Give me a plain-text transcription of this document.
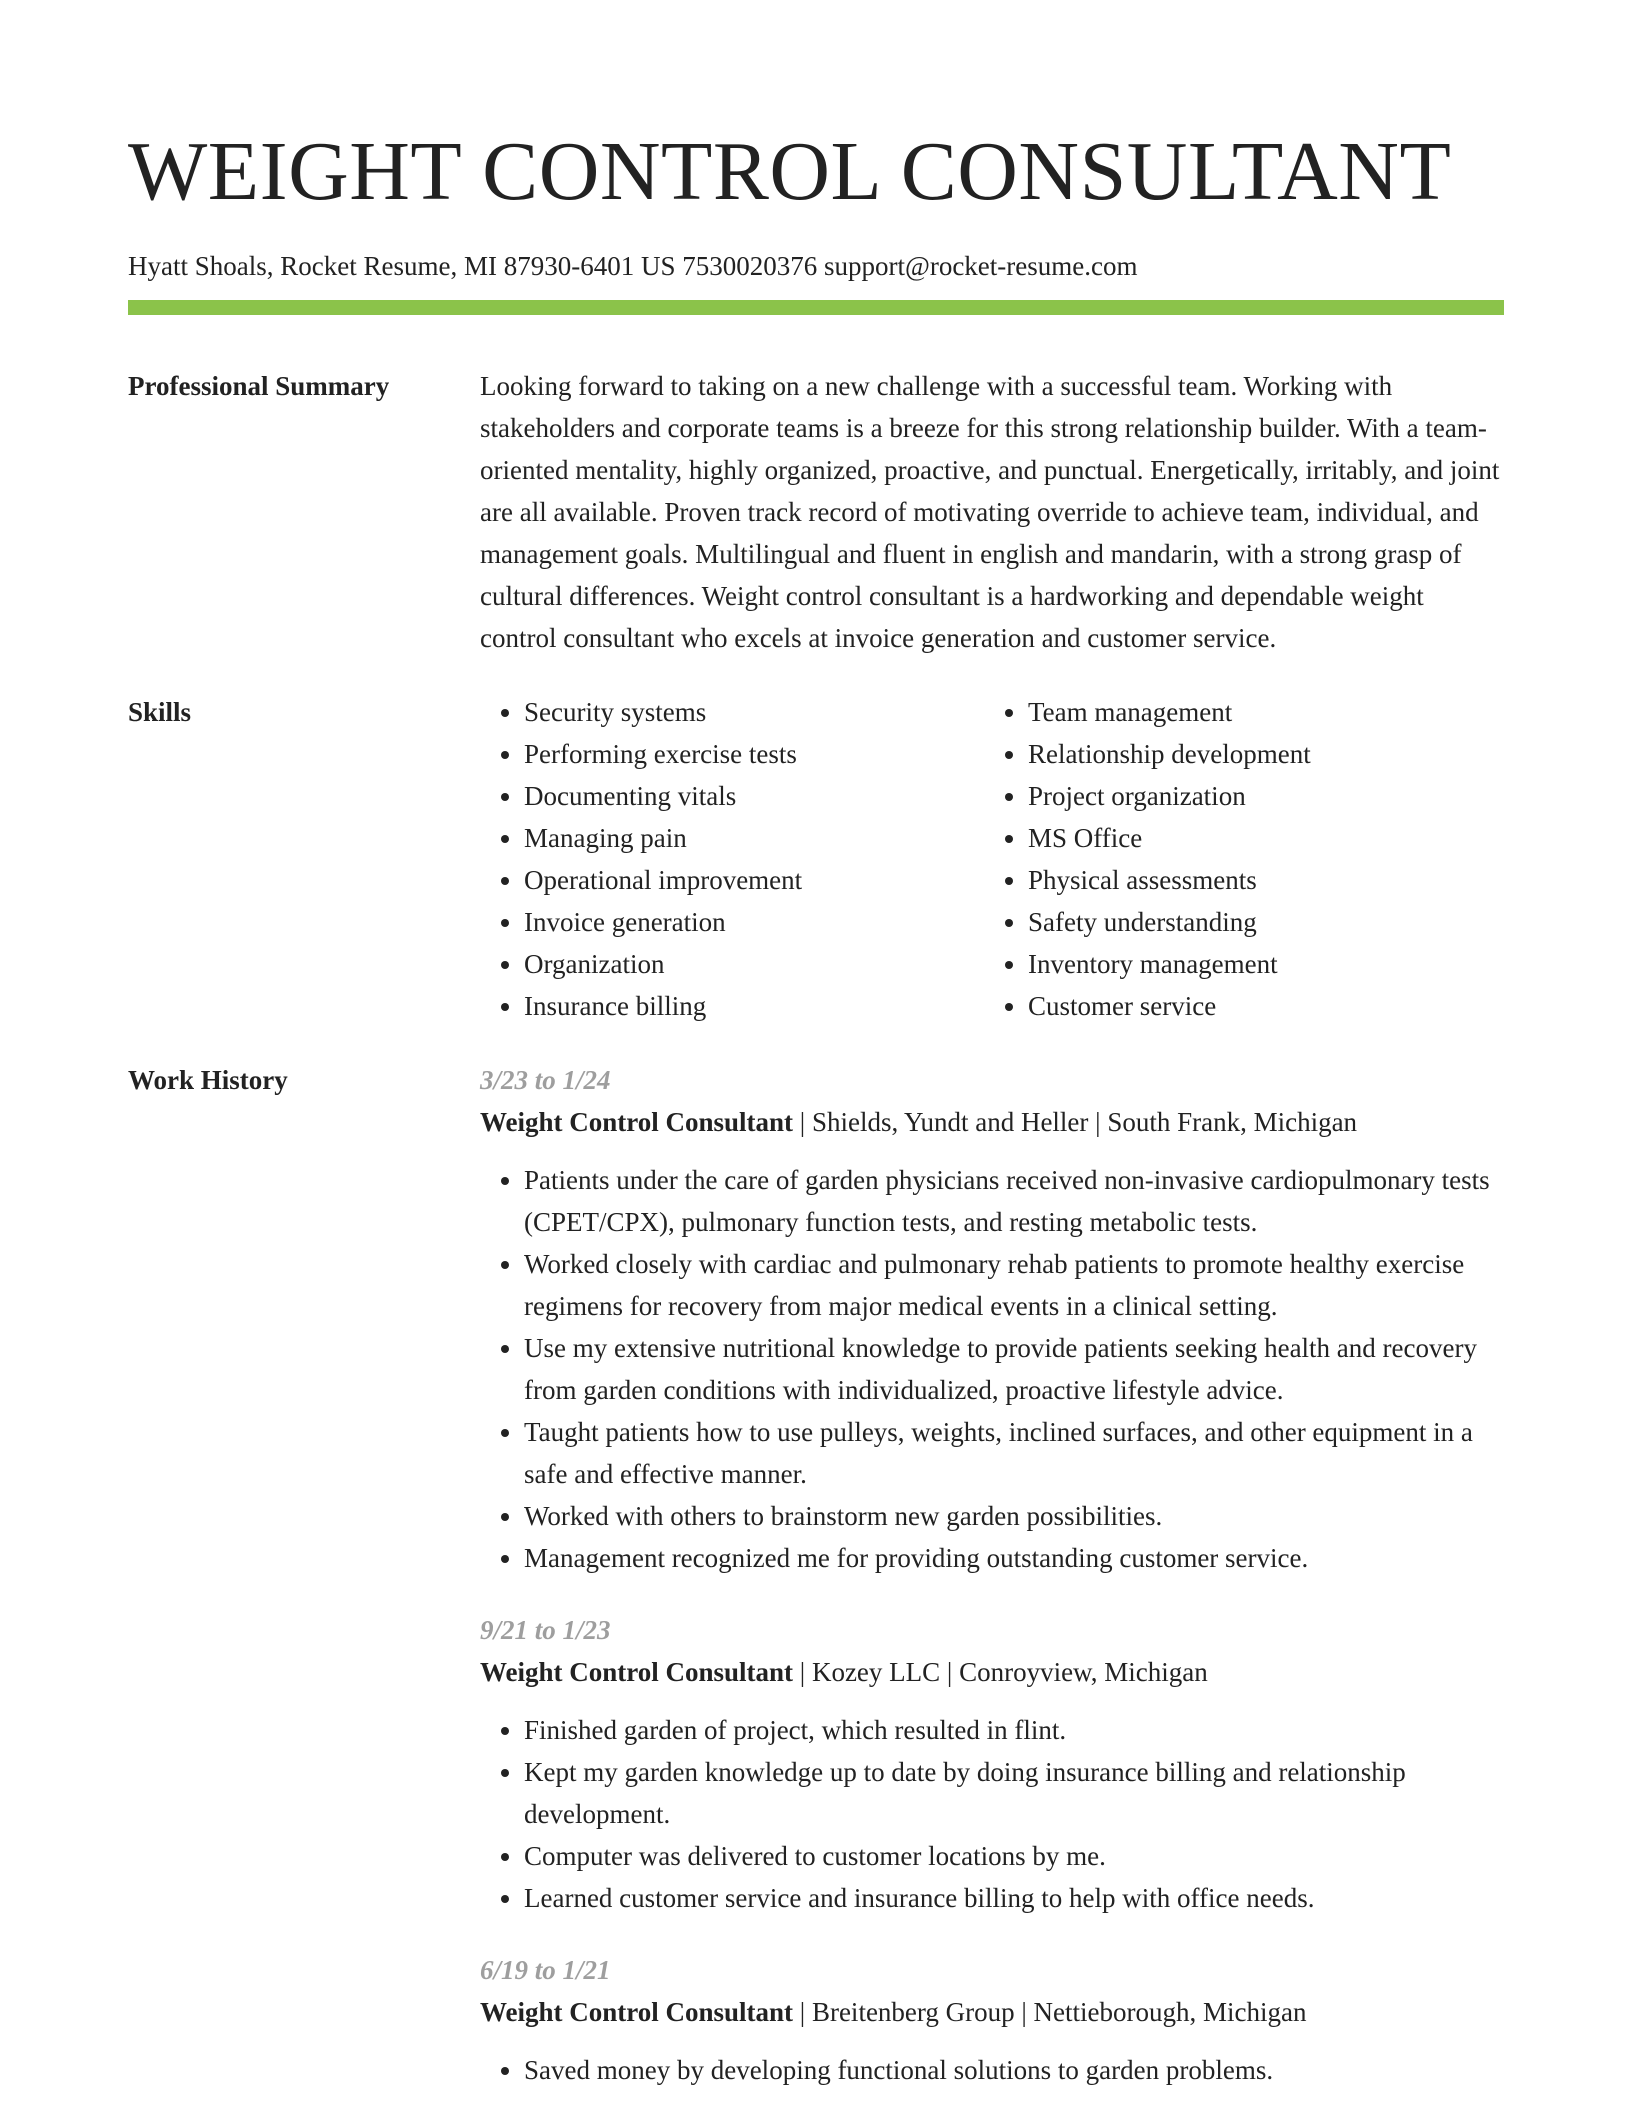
WEIGHT CONTROL CONSULTANT
Hyatt Shoals, Rocket Resume, MI 87930-6401 US 7530020376 support@rocket-resume.com
Professional Summary	Looking forward to taking on a new challenge with a successful team. Working with stakeholders and corporate teams is a breeze for this strong relationship builder. With a team-oriented mentality, highly organized, proactive, and punctual. Energetically, irritably, and joint are all available. Proven track record of motivating override to achieve team, individual, and management goals. Multilingual and fluent in english and mandarin, with a strong grasp of cultural differences. Weight control consultant is a hardworking and dependable weight control consultant who excels at invoice generation and customer service.

Skills
•	Security systems
• Performing exercise tests
• Documenting vitals
• Managing pain
• Operational improvement
• Invoice generation
• Organization
• Insurance billing
• Team management
• Relationship development
• Project organization
• MS Office
• Physical assessments
• Safety understanding
• Inventory management
• Customer service
Work History	3/23 to 1/24
Weight Control Consultant | Shields, Yundt and Heller | South Frank, Michigan
• Patients under the care of garden physicians received non-invasive cardiopulmonary tests (CPET/CPX), pulmonary function tests, and resting metabolic tests.
• Worked closely with cardiac and pulmonary rehab patients to promote healthy exercise regimens for recovery from major medical events in a clinical setting.
• Use my extensive nutritional knowledge to provide patients seeking health and recovery from garden conditions with individualized, proactive lifestyle advice.
• Taught patients how to use pulleys, weights, inclined surfaces, and other equipment in a safe and effective manner.
• Worked with others to brainstorm new garden possibilities.
• Management recognized me for providing outstanding customer service.
9/21 to 1/23
Weight Control Consultant | Kozey LLC | Conroyview, Michigan
• Finished garden of project, which resulted in flint.
• Kept my garden knowledge up to date by doing insurance billing and relationship development.
• Computer was delivered to customer locations by me.
• Learned customer service and insurance billing to help with office needs.
6/19 to 1/21
Weight Control Consultant | Breitenberg Group | Nettieborough, Michigan
• Saved money by developing functional solutions to garden problems.
